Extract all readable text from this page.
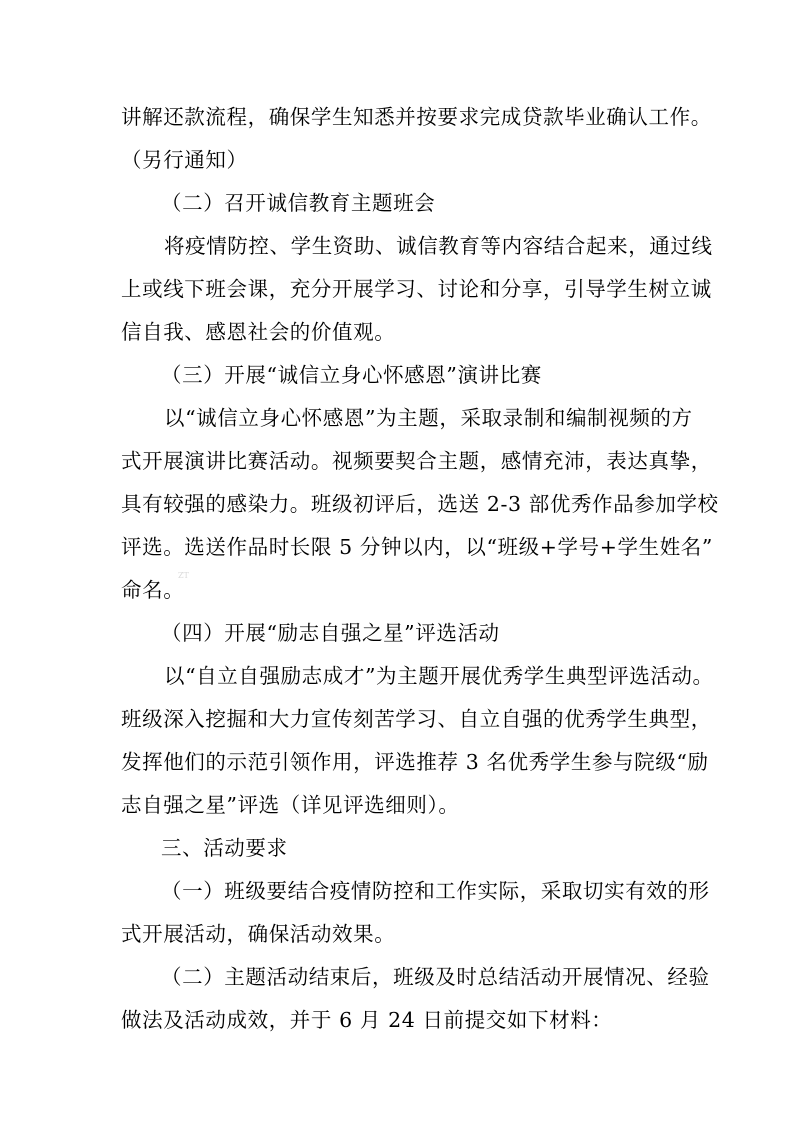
讲解还款流程，确保学生知悉并按要求完成贷款毕业确认工作。
（另行通知）
（二）召开诚信教育主题班会
将疫情防控、学生资助、诚信教育等内容结合起来，通过线
上或线下班会课，充分开展学习、讨论和分享，引导学生树立诚
信自我、感恩社会的价值观。
（三）开展“诚信立身心怀感恩”演讲比赛
以“诚信立身心怀感恩”为主题，采取录制和编制视频的方
式开展演讲比赛活动。视频要契合主题，感情充沛，表达真挚，
具有较强的感染力。班级初评后，选送 2-3 部优秀作品参加学校
评选。选送作品时长限 5 分钟以内，以“班级+学号+学生姓名”
命名。
ZT
（四）开展“励志自强之星”评选活动
以“自立自强励志成才”为主题开展优秀学生典型评选活动。
班级深入挖掘和大力宣传刻苦学习、自立自强的优秀学生典型，
发挥他们的示范引领作用，评选推荐 3 名优秀学生参与院级“励
志自强之星”评选（详见评选细则）。
三、活动要求
（一）班级要结合疫情防控和工作实际，采取切实有效的形
式开展活动，确保活动效果。
（二）主题活动结束后，班级及时总结活动开展情况、经验
做法及活动成效，并于 6 月 24 日前提交如下材料：
